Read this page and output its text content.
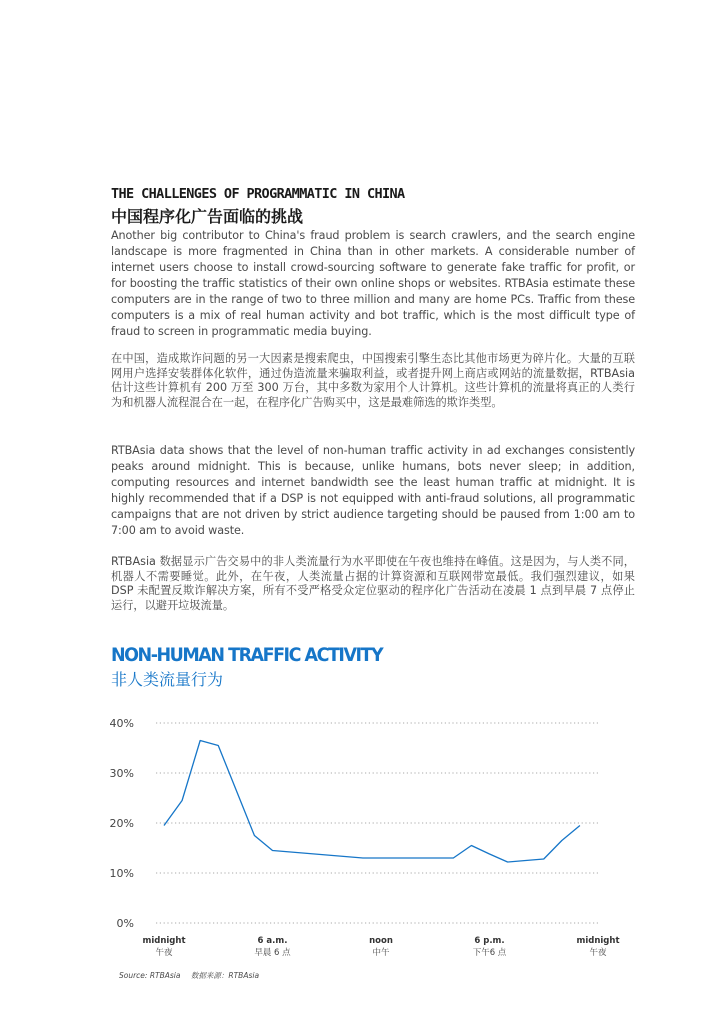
THE CHALLENGES OF PROGRAMMATIC IN CHINA
中国程序化广告面临的挑战

Another big contributor to China's fraud problem is search crawlers, and the search engine landscape is more fragmented in China than in other markets. A considerable number of internet users choose to install crowd-sourcing software to generate fake traffic for profit, or for boosting the traffic statistics of their own online shops or websites. RTBAsia estimate these computers are in the range of two to three million and many are home PCs. Traffic from these computers is a mix of real human activity and bot traffic, which is the most difficult type of fraud to screen in programmatic media buying.

在中国，造成欺诈问题的另一大因素是搜索爬虫，中国搜索引擎生态比其他市场更为碎片化。大量的互联网用户选择安装群体化软件，通过伪造流量来骗取利益，或者提升网上商店或网站的流量数据，RTBAsia 估计这些计算机有 200 万至 300 万台，其中多数为家用个人计算机。这些计算机的流量将真正的人类行为和机器人流程混合在一起，在程序化广告购买中，这是最难筛选的欺诈类型。

RTBAsia data shows that the level of non-human traffic activity in ad exchanges consistently peaks around midnight. This is because, unlike humans, bots never sleep; in addition, computing resources and internet bandwidth see the least human traffic at midnight. It is highly recommended that if a DSP is not equipped with anti-fraud solutions, all programmatic campaigns that are not driven by strict audience targeting should be paused from 1:00 am to 7:00 am to avoid waste.

RTBAsia 数据显示广告交易中的非人类流量行为水平即使在午夜也维持在峰值。这是因为，与人类不同，机器人不需要睡觉。此外，在午夜，人类流量占据的计算资源和互联网带宽最低。我们强烈建议，如果 DSP 未配置反欺诈解决方案，所有不受严格受众定位驱动的程序化广告活动在凌晨 1 点到早晨 7 点停止运行，以避开垃圾流量。

NON-HUMAN TRAFFIC ACTIVITY
非人类流量行为
0%
10%
20%
30%
40%
midnight
午夜
6 a.m.
早晨 6 点
noon
中午
6 p.m.
下午6 点
midnight
午夜
Source: RTBAsia 数据来源：RTBAsia
